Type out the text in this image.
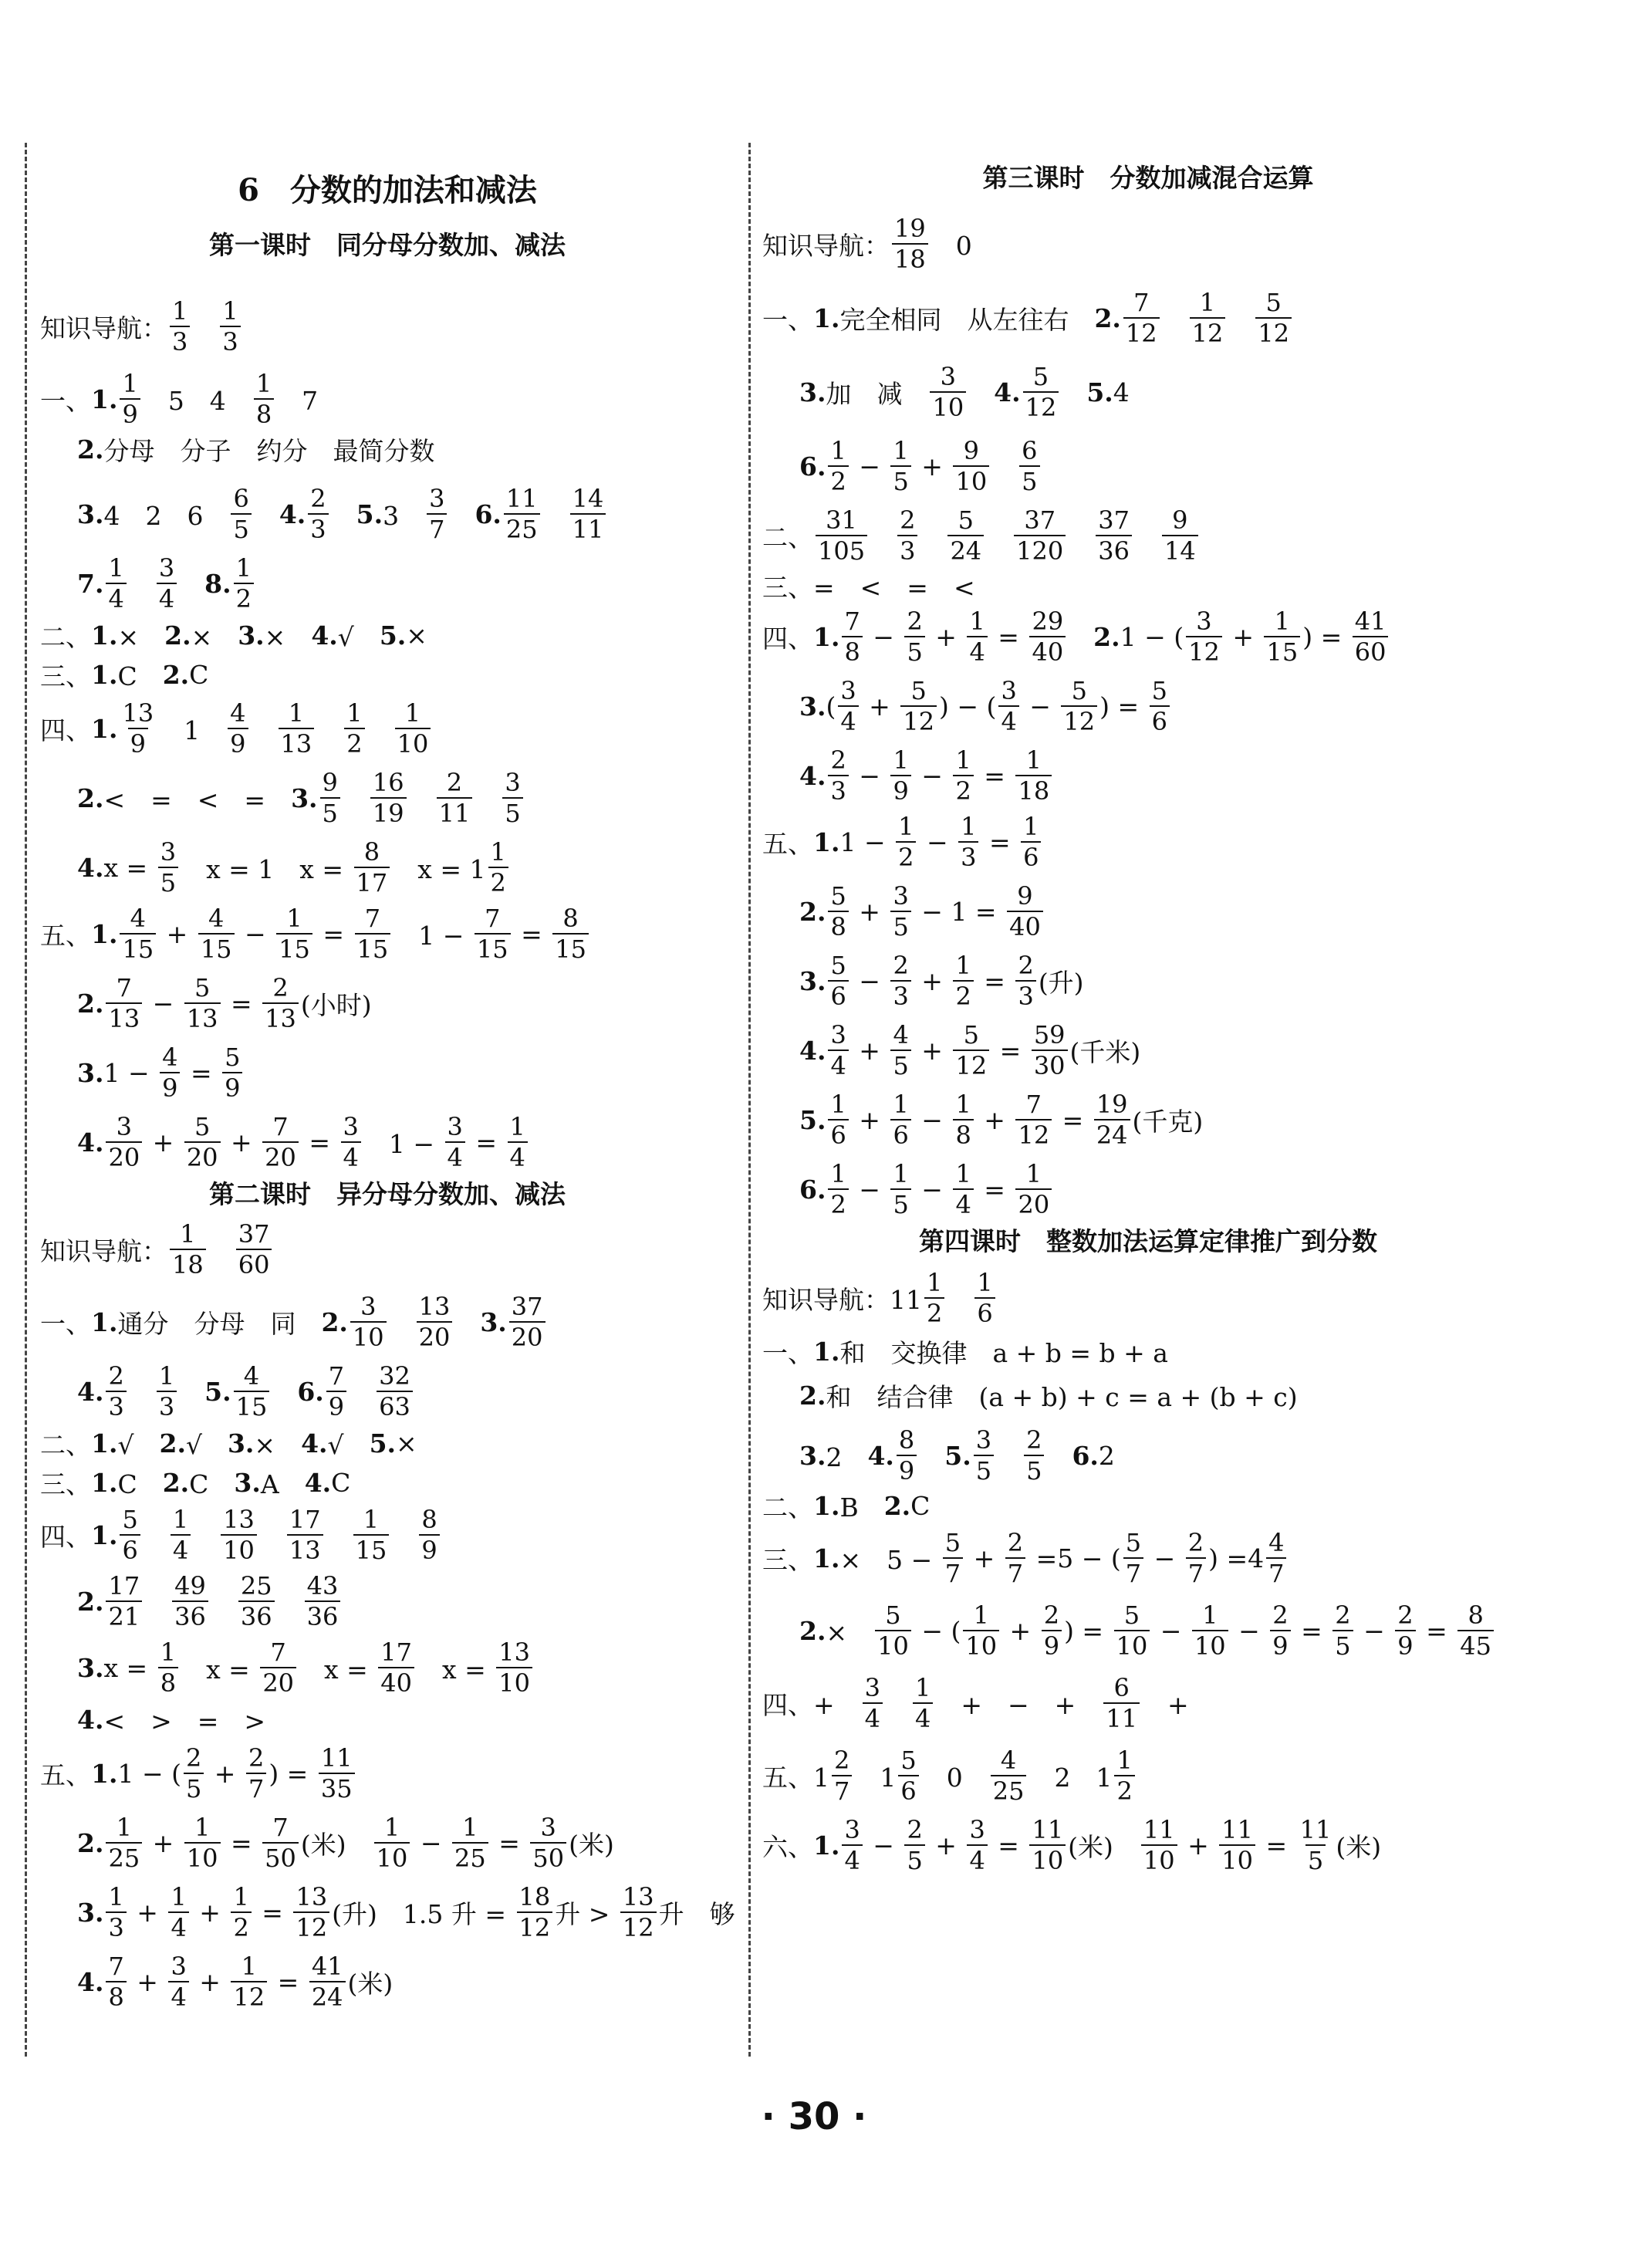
6　分数的加法和减法
第一课时　同分母分数加、减法
知识导航： $\frac{1}{3}$
　 $\frac{1}{3}$
一、 1. $\frac{1}{9}$ 　5　4　 $\frac{1}{8}$ 　7
2. 分母　分子　约分　最简分数
3. 4　2　6　 $\frac{6}{5}$
　 4. $\frac{2}{3}$
　 5. 3　 $\frac{3}{7}$
　 6. $\frac{11}{25}$
　 $\frac{14}{11}$
7. $\frac{1}{4}$
　 $\frac{3}{4}$
　 8. $\frac{1}{2}$
二、 1. ×　 2. ×　 3. ×　 4. √　 5. ×
三、 1. C　 2. C
四、 1. $\frac{13}{9}$ 　1　 $\frac{4}{9}$
　 $\frac{1}{13}$
　 $\frac{1}{2}$
　 $\frac{1}{10}$
2. <　=　<　=　 3. $\frac{9}{5}$
　 $\frac{16}{19}$
　 $\frac{2}{11}$
　 $\frac{3}{5}$
4. $x = \frac{3}{5}$ 　x = 1　$x = \frac{8}{17}$ 　$x = 1 \frac{1}{2}$
五、 1. $\frac{4}{15} + \frac{4}{15} - \frac{1}{15} = \frac{7}{15}$ 　$1 - \frac{7}{15} = \frac{8}{15}$
2. $\frac{7}{13} - \frac{5}{13} = \frac{2}{13}$ (小时)
3. $1 - \frac{4}{9} = \frac{5}{9}$
4. $\frac{3}{20} + \frac{5}{20} + \frac{7}{20} = \frac{3}{4}$ 　$1 - \frac{3}{4} = \frac{1}{4}$
第二课时　异分母分数加、减法
知识导航： $\frac{1}{18}$
　 $\frac{37}{60}$
一、 1. 通分　分母　同　 2. $\frac{3}{10}$
　 $\frac{13}{20}$
　 3. $\frac{37}{20}$
4. $\frac{2}{3}$
　 $\frac{1}{3}$
　 5. $\frac{4}{15}$
　 6. $\frac{7}{9}$
　 $\frac{32}{63}$
二、 1. √　 2. √　 3. ×　 4. √　 5. ×
三、 1. C　 2. C　 3. A　 4. C
四、 1. $\frac{5}{6}$
　 $\frac{1}{4}$
　 $\frac{13}{10}$
　 $\frac{17}{13}$
　 $\frac{1}{15}$
　 $\frac{8}{9}$
2. $\frac{17}{21}$
　 $\frac{49}{36}$
　 $\frac{25}{36}$
　 $\frac{43}{36}$
3. $x = \frac{1}{8}$ 　$x = \frac{7}{20}$ 　$x = \frac{17}{40}$ 　$x = \frac{13}{10}$
4. <　>　=　>
五、 1. 1 − ( $\frac{2}{5} + \frac{2}{7}$ ) = $\frac{11}{35}$
2. $\frac{1}{25} + \frac{1}{10} = \frac{7}{50}$ (米)　 $\frac{1}{10} - \frac{1}{25} = \frac{3}{50}$ (米)
3. $\frac{1}{3} + \frac{1}{4} + \frac{1}{2} = \frac{13}{12}$ (升)　1.5 升 = $\frac{18}{12}$ 升 > $\frac{13}{12}$ 升　够
4. $\frac{7}{8} + \frac{3}{4} + \frac{1}{12} = \frac{41}{24}$ (米)
第三课时　分数加减混合运算
知识导航： $\frac{19}{18}$ 　0
一、 1. 完全相同　从左往右　 2. $\frac{7}{12}$
　 $\frac{1}{12}$
　 $\frac{5}{12}$
3. 加　减　 $\frac{3}{10}$
　 4. $\frac{5}{12}$
　 5. 4
6. $\frac{1}{2} - \frac{1}{5} + \frac{9}{10}$
　 $\frac{6}{5}$
二、 $\frac{31}{105}$
　 $\frac{2}{3}$
　 $\frac{5}{24}$
　 $\frac{37}{120}$
　 $\frac{37}{36}$
　 $\frac{9}{14}$
三、=　<　=　<
四、 1. $\frac{7}{8} - \frac{2}{5} + \frac{1}{4} = \frac{29}{40}$
　 2. 1 − ( $\frac{3}{12} + \frac{1}{15}$ ) = $\frac{41}{60}$
3. ( $\frac{3}{4} + \frac{5}{12}$ ) − ( $\frac{3}{4} - \frac{5}{12}$ ) = $\frac{5}{6}$
4. $\frac{2}{3} - \frac{1}{9} - \frac{1}{2} = \frac{1}{18}$
五、 1. $1 - \frac{1}{2} - \frac{1}{3} = \frac{1}{6}$
2. $\frac{5}{8} + \frac{3}{5} - 1 = \frac{9}{40}$
3. $\frac{5}{6} - \frac{2}{3} + \frac{1}{2} = \frac{2}{3}$ (升)
4. $\frac{3}{4} + \frac{4}{5} + \frac{5}{12} = \frac{59}{30}$ (千米)
5. $\frac{1}{6} + \frac{1}{6} - \frac{1}{8} + \frac{7}{12} = \frac{19}{24}$ (千克)
6. $\frac{1}{2} - \frac{1}{5} - \frac{1}{4} = \frac{1}{20}$
第四课时　整数加法运算定律推广到分数
知识导航：$11 \frac{1}{2}$
　 $\frac{1}{6}$
一、 1. 和　交换律　a + b = b + a
2. 和　结合律　(a + b) + c = a + (b + c)
3. 2　 4. $\frac{8}{9}$
　 5. $\frac{3}{5}$
　 $\frac{2}{5}$
　 6. 2
二、 1. B　 2. C
三、 1. ×　$5 - \frac{5}{7} + \frac{2}{7} =5$ − ( $\frac{5}{7} - \frac{2}{7}$ ) $=4 \frac{4}{7}$
2. ×　 $\frac{5}{10}$ − ( $\frac{1}{10} + \frac{2}{9}$ ) = $\frac{5}{10} - \frac{1}{10} - \frac{2}{9} = \frac{2}{5} - \frac{2}{9} = \frac{8}{45}$
四、+　 $\frac{3}{4}$
　 $\frac{1}{4}$ 　+　−　+　 $\frac{6}{11}$ 　+
五、$1 \frac{2}{7}$ 　$1 \frac{5}{6}$ 　0　 $\frac{4}{25}$ 　2　$1 \frac{1}{2}$
六、 1. $\frac{3}{4} - \frac{2}{5} + \frac{3}{4} = \frac{11}{10}$ (米)　 $\frac{11}{10} + \frac{11}{10} = \frac{11}{5}$ (米)
· 30 ·
